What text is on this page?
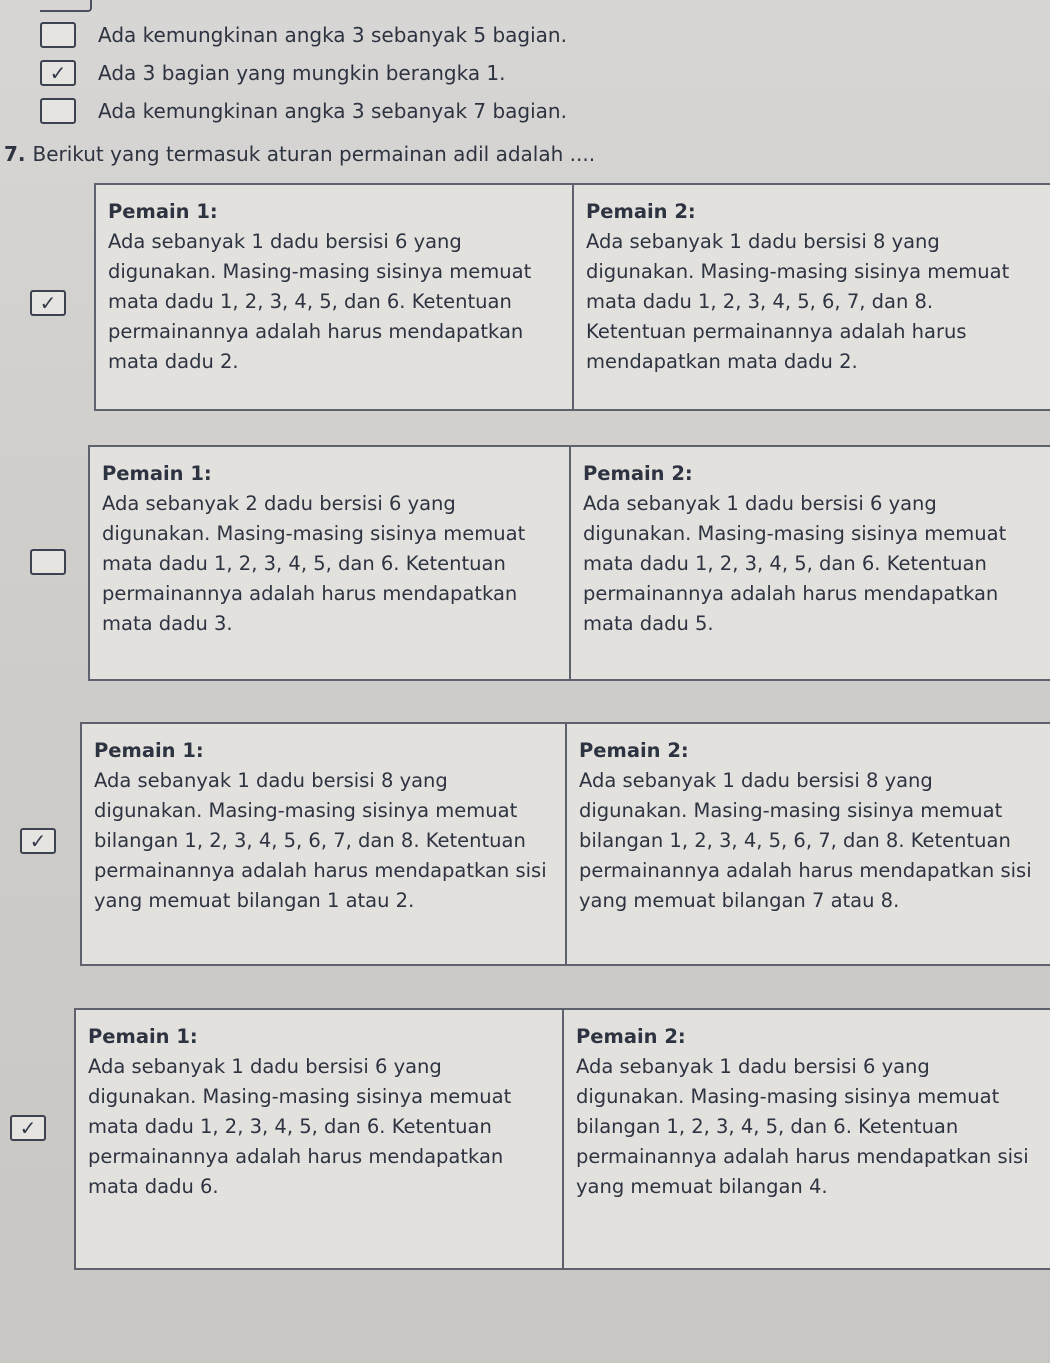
Ada kemungkinan angka 3 sebanyak 5 bagian.
✓ Ada 3 bagian yang mungkin berangka 1.
Ada kemungkinan angka 3 sebanyak 7 bagian.
7. Berikut yang termasuk aturan permainan adil adalah ....
✓
Pemain 1:
Ada sebanyak 1 dadu bersisi 6 yang digunakan. Masing-masing sisinya memuat mata dadu 1, 2, 3, 4, 5, dan 6. Ketentuan permainannya adalah harus mendapatkan mata dadu 2.
Pemain 2:
Ada sebanyak 1 dadu bersisi 8 yang digunakan. Masing-masing sisinya memuat mata dadu 1, 2, 3, 4, 5, 6, 7, dan 8. Ketentuan permainannya adalah harus mendapatkan mata dadu 2.
Pemain 1:
Ada sebanyak 2 dadu bersisi 6 yang digunakan. Masing-masing sisinya memuat mata dadu 1, 2, 3, 4, 5, dan 6. Ketentuan permainannya adalah harus mendapatkan mata dadu 3.
Pemain 2:
Ada sebanyak 1 dadu bersisi 6 yang digunakan. Masing-masing sisinya memuat mata dadu 1, 2, 3, 4, 5, dan 6. Ketentuan permainannya adalah harus mendapatkan mata dadu 5.
✓
Pemain 1:
Ada sebanyak 1 dadu bersisi 8 yang digunakan. Masing-masing sisinya memuat bilangan 1, 2, 3, 4, 5, 6, 7, dan 8. Ketentuan permainannya adalah harus mendapatkan sisi yang memuat bilangan 1 atau 2.
Pemain 2:
Ada sebanyak 1 dadu bersisi 8 yang digunakan. Masing-masing sisinya memuat bilangan 1, 2, 3, 4, 5, 6, 7, dan 8. Ketentuan permainannya adalah harus mendapatkan sisi yang memuat bilangan 7 atau 8.
✓
Pemain 1:
Ada sebanyak 1 dadu bersisi 6 yang digunakan. Masing-masing sisinya memuat mata dadu 1, 2, 3, 4, 5, dan 6. Ketentuan permainannya adalah harus mendapatkan mata dadu 6.
Pemain 2:
Ada sebanyak 1 dadu bersisi 6 yang digunakan. Masing-masing sisinya memuat bilangan 1, 2, 3, 4, 5, dan 6. Ketentuan permainannya adalah harus mendapatkan sisi yang memuat bilangan 4.
